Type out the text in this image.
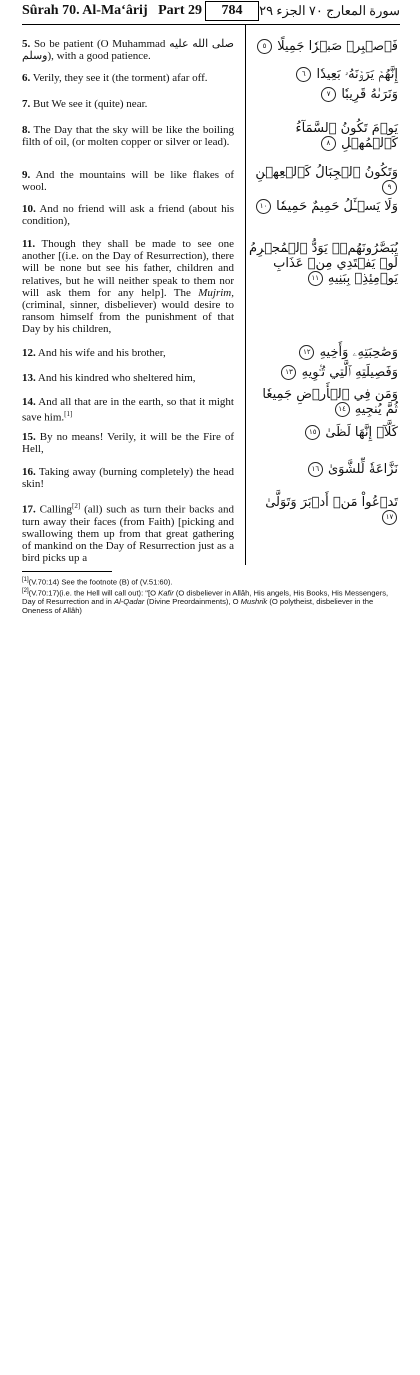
Sûrah 70. Al-Ma‘ârij Part 29	784	سورة المعارج ٧٠ الجزء ٢٩

5. So be patient (O Muhammad صلى الله عليه وسلم), with a good patience.

6. Verily, they see it (the torment) afar off.

7. But We see it (quite) near.

8. The Day that the sky will be like the boiling filth of oil, (or molten copper or silver or lead).

9. And the mountains will be like flakes of wool.

10. And no friend will ask a friend (about his condition),

11. Though they shall be made to see one another [(i.e. on the Day of Resurrection), there will be none but see his father, children and relatives, but he will neither speak to them nor will ask them for any help]. The Mujrim, (criminal, sinner, disbeliever) would desire to ransom himself from the punishment of that Day by his children,

12. And his wife and his brother,

13. And his kindred who sheltered him,

14. And all that are in the earth, so that it might save him.[1]

15. By no means! Verily, it will be the Fire of Hell,

16. Taking away (burning completely) the head skin!

17. Calling[2] (all) such as turn their backs and turn away their faces (from Faith) [picking and swallowing them up from that great gathering of mankind on the Day of Resurrection just as a bird picks up a

فَٱصۡبِرۡ صَبۡرٗا جَمِيلًا ٥
إِنَّهُمۡ يَرَوۡنَهُۥ بَعِيدٗا ٦
وَنَرَىٰهُ قَرِيبٗا ٧
يَوۡمَ تَكُونُ ٱلسَّمَآءُ كَٱلۡمُهۡلِ ٨
وَتَكُونُ ٱلۡجِبَالُ كَٱلۡعِهۡنِ ٩
وَلَا يَسۡـَٔلُ حَمِيمٌ حَمِيمٗا ١٠
يُبَصَّرُونَهُمۡۚ يَوَدُّ ٱلۡمُجۡرِمُ لَوۡ يَفۡتَدِي مِنۡ عَذَابِ يَوۡمِئِذِۭ بِبَنِيهِ ١١
وَصَٰحِبَتِهِۦ وَأَخِيهِ ١٢
وَفَصِيلَتِهِ ٱلَّتِي تُـٔۡوِيهِ ١٣
وَمَن فِي ٱلۡأَرۡضِ جَمِيعٗا ثُمَّ يُنجِيهِ ١٤
كَلَّآۖ إِنَّهَا لَظَىٰ ١٥
نَزَّاعَةٗ لِّلشَّوَىٰ ١٦
تَدۡعُواْ مَنۡ أَدۡبَرَ وَتَوَلَّىٰ ١٧
[1](V.70:14) See the footnote (B) of (V.51:60).
[2](V.70:17)(i.e. the Hell will call out): "[O Kafir (O disbeliever in Allâh, His angels, His Books, His Messengers, Day of Resurrection and in Al-Qadar (Divine Preordainments), O Mushrik (O polytheist, disbeliever in the Oneness of Allâh)
